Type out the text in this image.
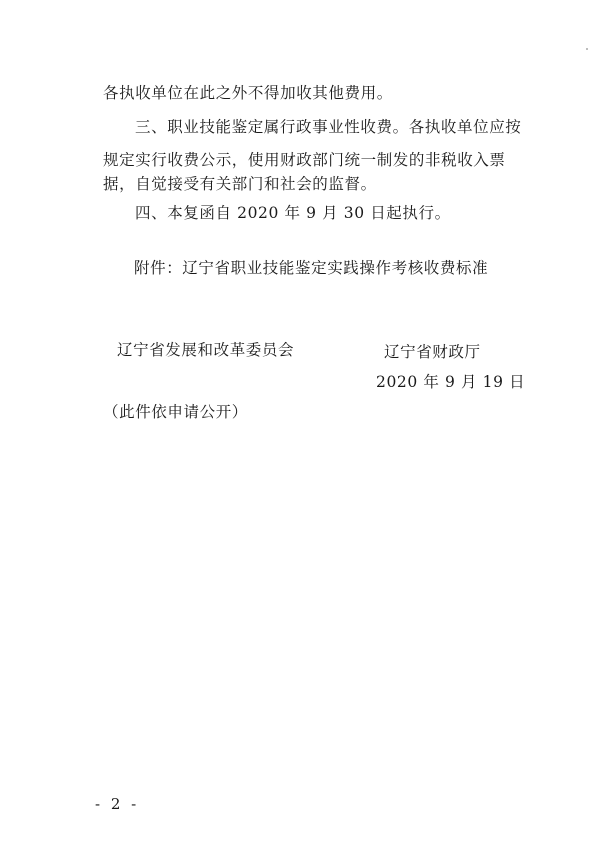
各执收单位在此之外不得加收其他费用。
三、职业技能鉴定属行政事业性收费。各执收单位应按
规定实行收费公示，使用财政部门统一制发的非税收入票
据，自觉接受有关部门和社会的监督。
四、本复函自 2020 年 9 月 30 日起执行。
附件：辽宁省职业技能鉴定实践操作考核收费标准
辽宁省发展和改革委员会	辽宁省财政厅
2020 年 9 月 19 日
（此件依申请公开）
- 2 -
